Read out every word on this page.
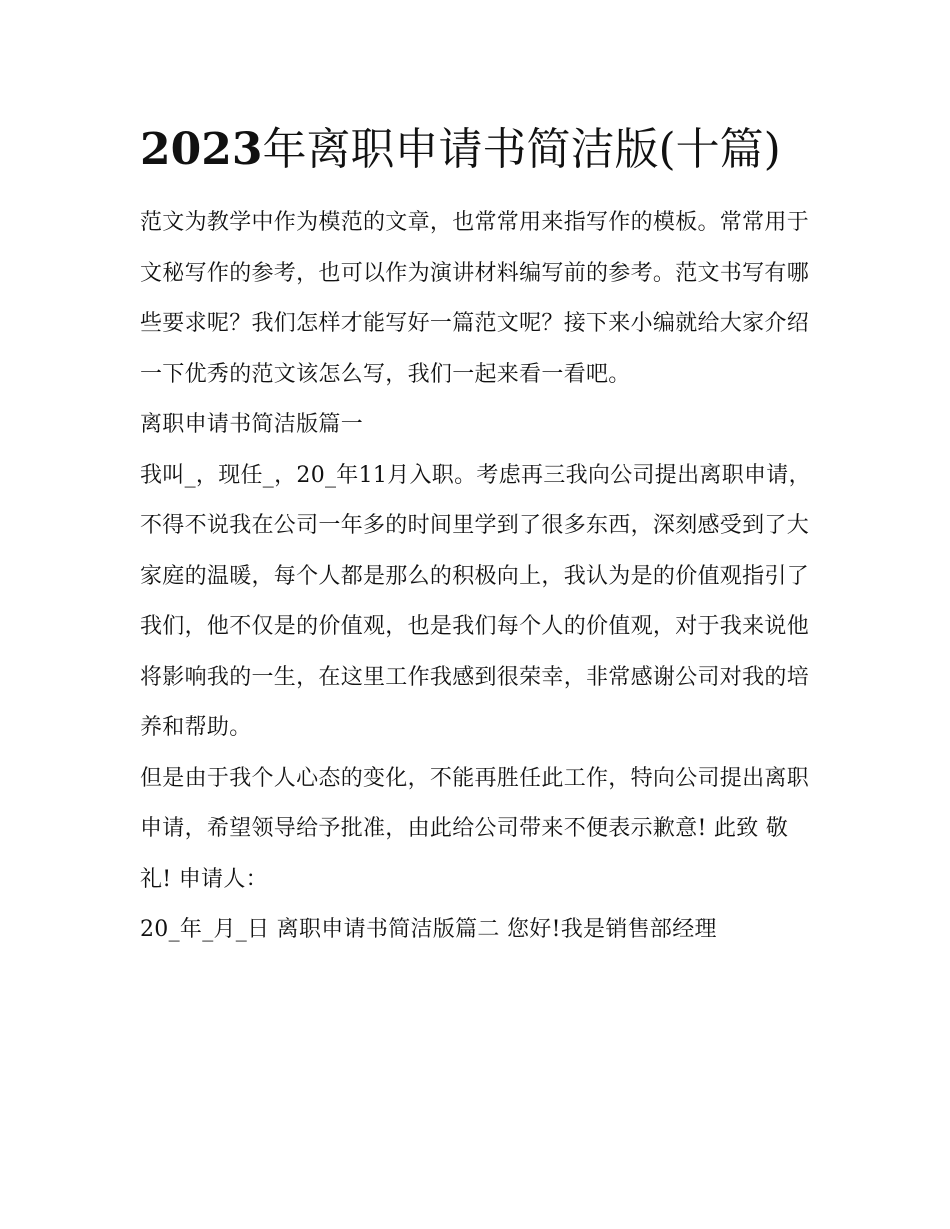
2023年离职申请书简洁版(十篇)

范文为教学中作为模范的文章，也常常用来指写作的模板。常常用于文秘写作的参考，也可以作为演讲材料编写前的参考。范文书写有哪些要求呢？我们怎样才能写好一篇范文呢？接下来小编就给大家介绍一下优秀的范文该怎么写，我们一起来看一看吧。

离职申请书简洁版篇一

我叫_，现任_，20_年11月入职。考虑再三我向公司提出离职申请，不得不说我在公司一年多的时间里学到了很多东西，深刻感受到了大家庭的温暖，每个人都是那么的积极向上，我认为是的价值观指引了我们，他不仅是的价值观，也是我们每个人的价值观，对于我来说他将影响我的一生，在这里工作我感到很荣幸，非常感谢公司对我的培养和帮助。

但是由于我个人心态的变化，不能再胜任此工作，特向公司提出离职申请，希望领导给予批准，由此给公司带来不便表示歉意! 此致 敬礼! 申请人：

20_年_月_日 离职申请书简洁版篇二 您好!我是销售部经理
